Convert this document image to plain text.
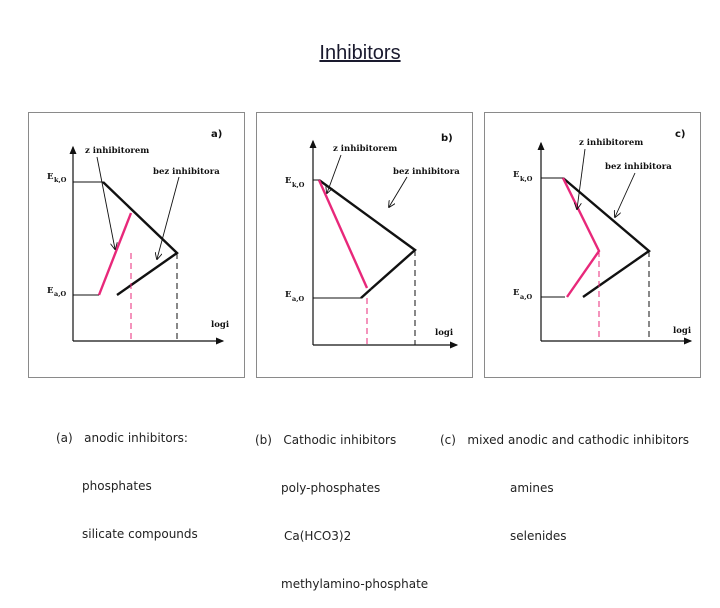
Inhibitors
a)
z inhibitorem
bez inhibitora
E k,O
E a,O
logi
b)
z inhibitorem
bez inhibitora
E k,O
E a,O
logi
c)
z inhibitorem
bez inhibitora
E k,O
E a,O
logi

(a)   anodic inhibitors:

phosphates

silicate compounds

(b)   Cathodic inhibitors

poly-phosphates

Ca(HCO3)2

methylamino-phosphate

(c)   mixed anodic and cathodic inhibitors

amines

selenides
